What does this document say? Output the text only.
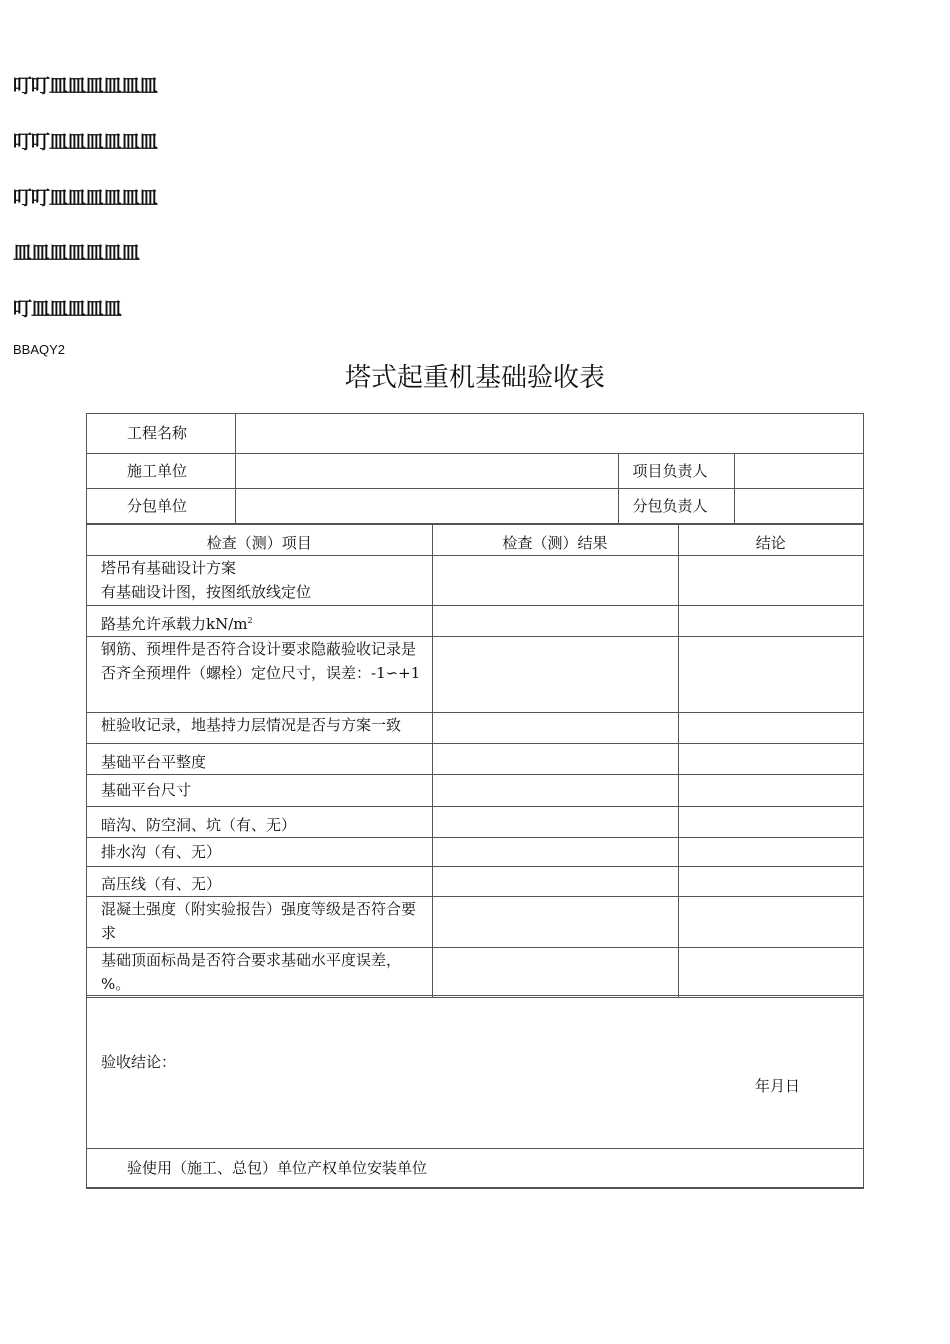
叮叮皿皿皿皿皿皿

叮叮皿皿皿皿皿皿

叮叮皿皿皿皿皿皿

皿皿皿皿皿皿皿

叮皿皿皿皿皿

BBAQY2
塔式起重机基础验收表
工程名称			
施工单位		项目负责人	
分包单位		分包负责人	
检查（测）项目	检查（测）结果	结论

塔吊有基础设计方案
有基础设计图，按图纸放线定位		

路基允许承载力$kN/m^2$		
钢筋、预埋件是否符合设计要求隐蔽验收记录是否齐全预埋件（螺栓）定位尺寸，误差：-1∽+1		

桩验收记录，地基持力层情况是否与方案一致		

基础平台平整度		
基础平台尺寸		
暗沟、防空洞、坑（有、无）		
排水沟（有、无）		
高压线（有、无）		
混凝土强度（附实验报告）强度等级是否符合要求		
基础顶面标咼是否符合要求基础水平度误差，%。		
验收结论：
年月日

验使用（施工、总包）单位产权单位安装单位
